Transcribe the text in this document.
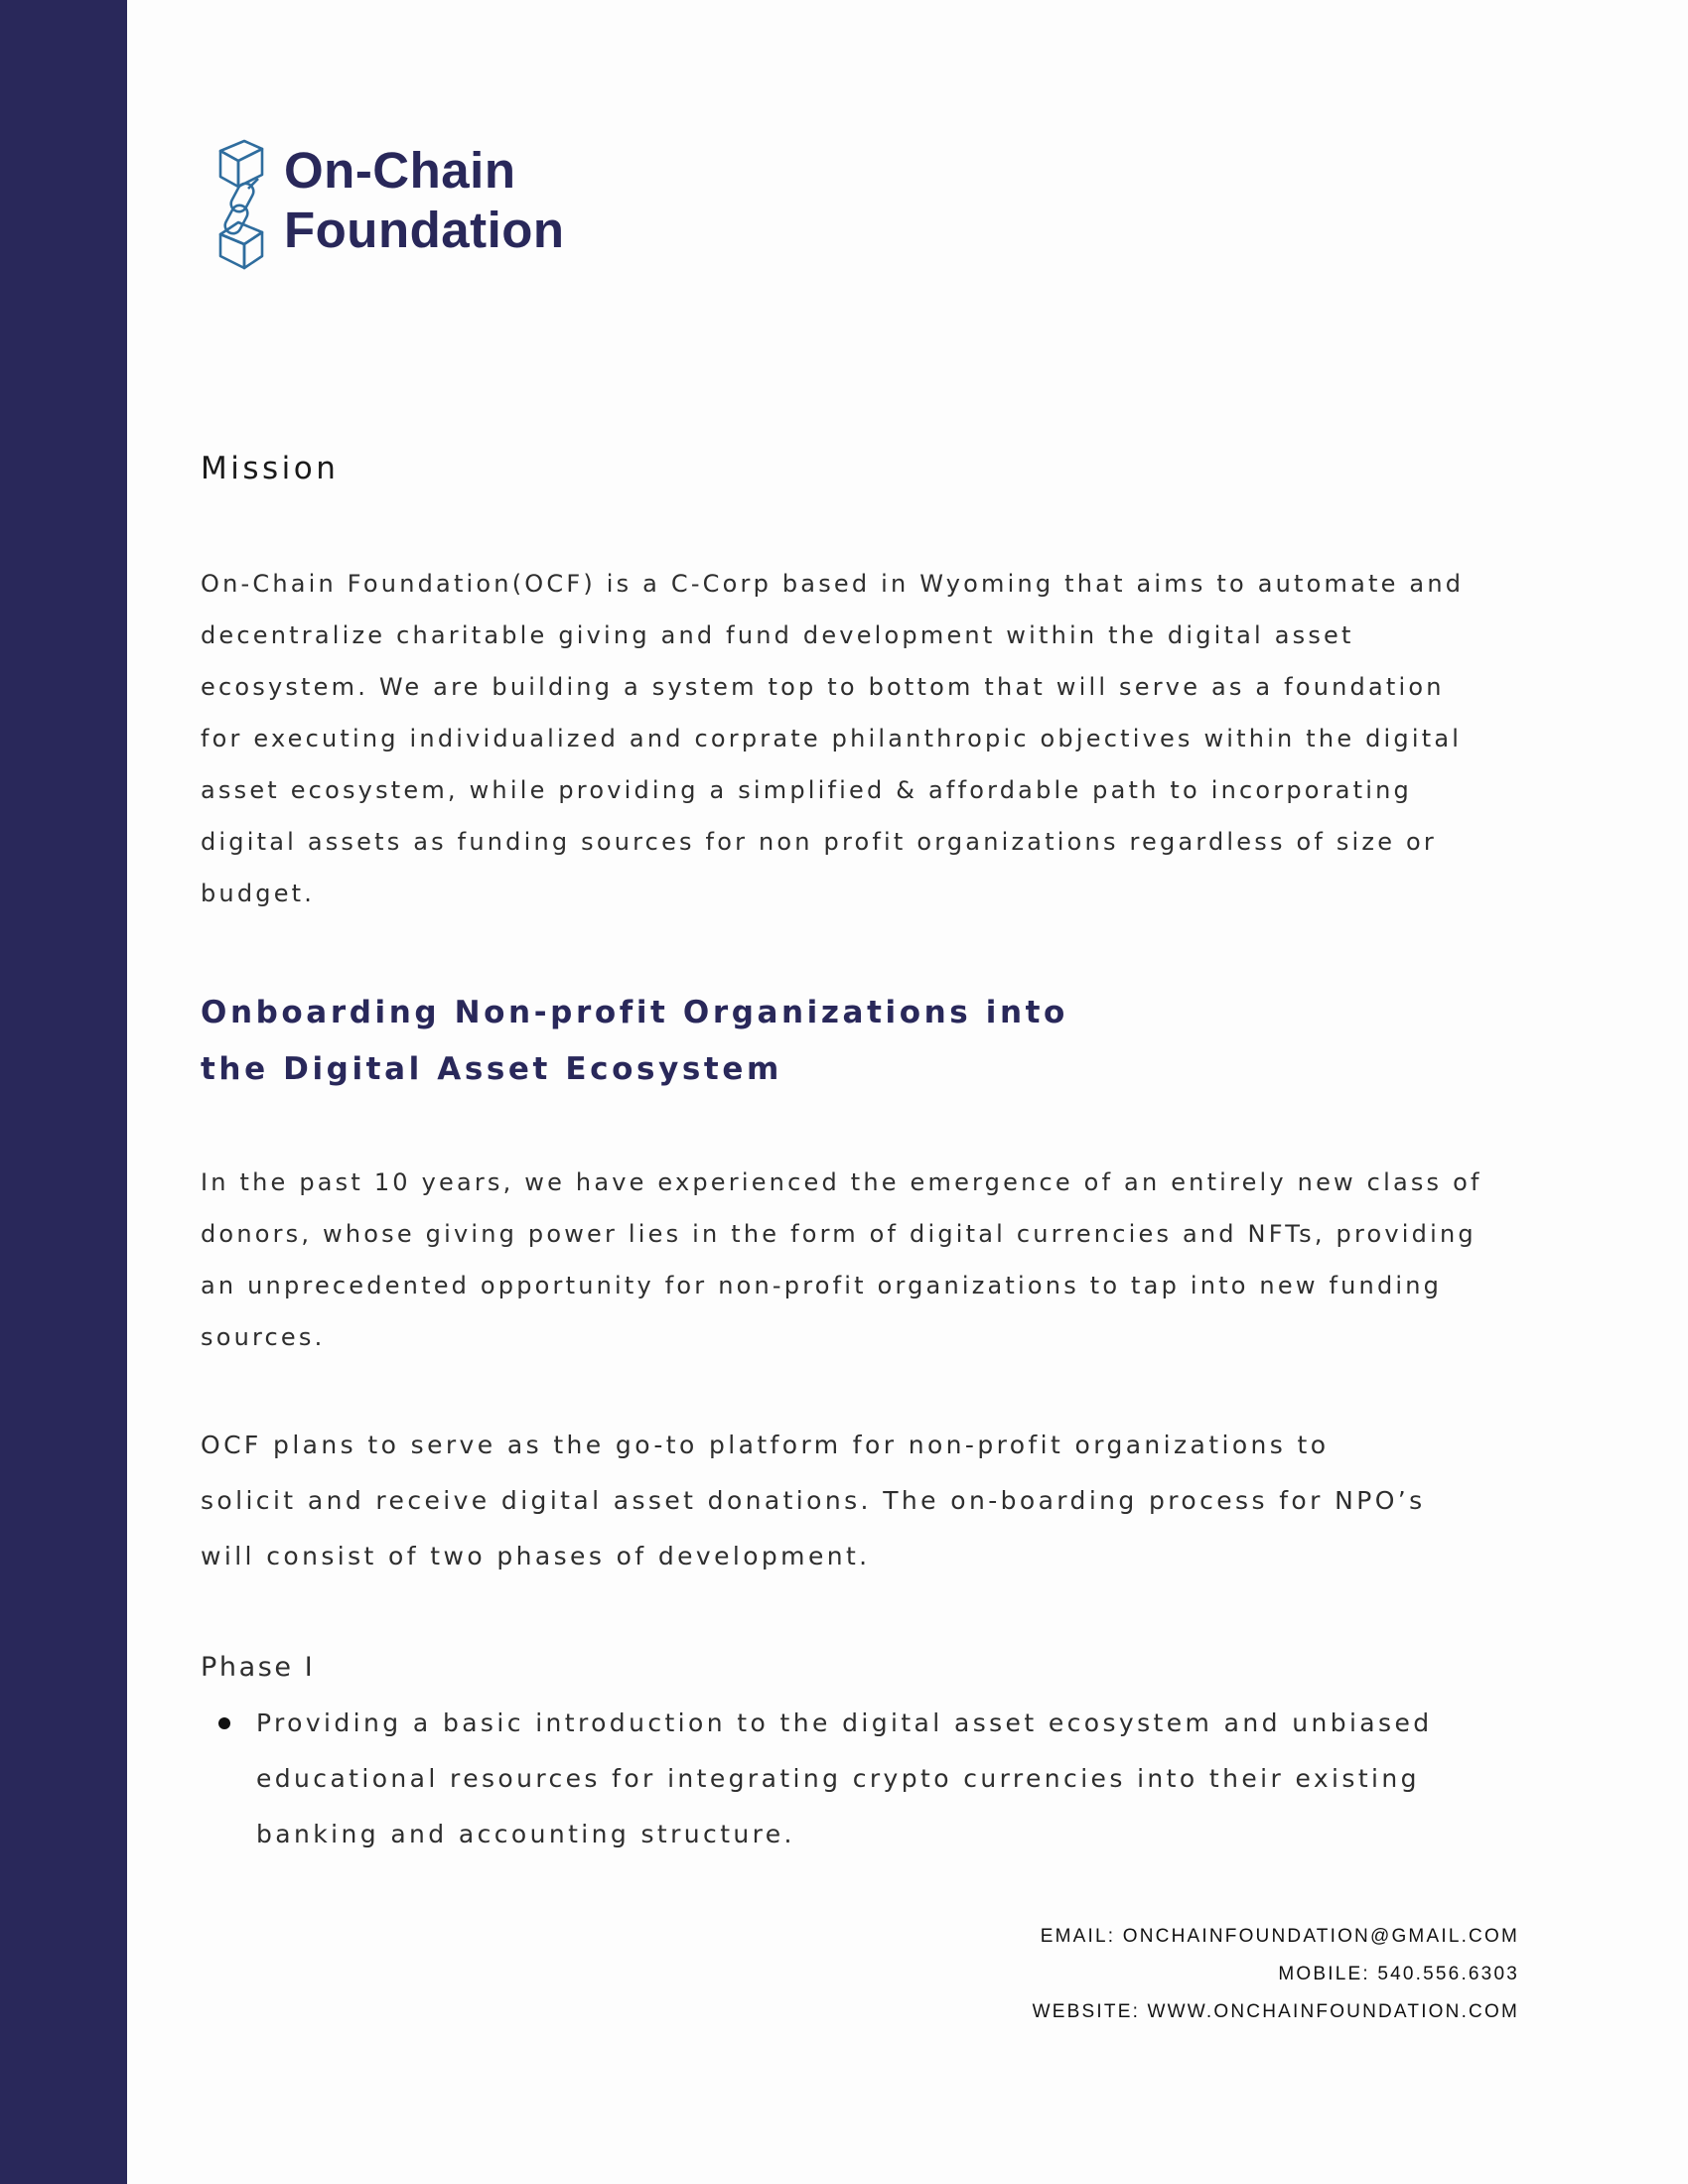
On-Chain
Foundation
Mission
On-Chain Foundation(OCF) is a C-Corp based in Wyoming that aims to automate and
decentralize charitable giving and fund development within the digital asset
ecosystem. We are building a system top to bottom that will serve as a foundation
for executing individualized and corprate philanthropic objectives within the digital
asset ecosystem, while providing a simplified & affordable path to incorporating
digital assets as funding sources for non profit organizations regardless of size or
budget.
Onboarding Non-profit Organizations into
the Digital Asset Ecosystem
In the past 10 years, we have experienced the emergence of an entirely new class of
donors, whose giving power lies in the form of digital currencies and NFTs, providing
an unprecedented opportunity for non-profit organizations to tap into new funding
sources.
OCF plans to serve as the go-to platform for non-profit organizations to
solicit and receive digital asset donations. The on-boarding process for NPO’s
will consist of two phases of development.
Phase I
Providing a basic introduction to the digital asset ecosystem and unbiased
educational resources for integrating crypto currencies into their existing
banking and accounting structure.
EMAIL: ONCHAINFOUNDATION@GMAIL.COM
MOBILE: 540.556.6303
WEBSITE: WWW.ONCHAINFOUNDATION.COM
